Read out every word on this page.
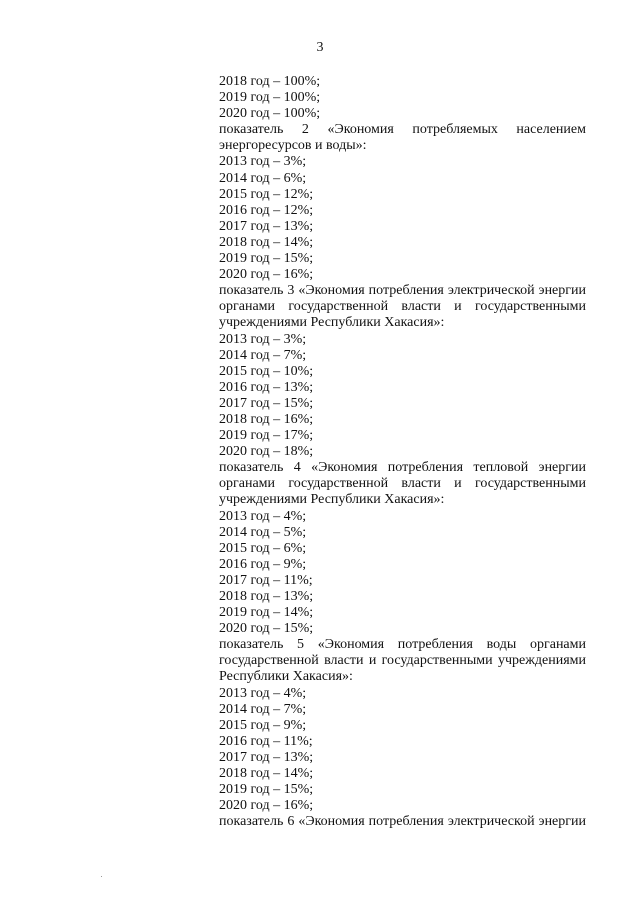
3
2018 год – 100%;
2019 год – 100%;
2020 год – 100%;
показатель 2 «Экономия потребляемых населением энергоресурсов и воды»:
2013 год – 3%;
2014 год – 6%;
2015 год – 12%;
2016 год – 12%;
2017 год – 13%;
2018 год – 14%;
2019 год – 15%;
2020 год – 16%;
показатель 3 «Экономия потребления электрической энергии органами государственной власти и государственными учреждениями Республики Хакасия»:
2013 год – 3%;
2014 год – 7%;
2015 год – 10%;
2016 год – 13%;
2017 год – 15%;
2018 год – 16%;
2019 год – 17%;
2020 год – 18%;
показатель 4 «Экономия потребления тепловой энергии органами государственной власти и государственными учреждениями Республики Хакасия»:
2013 год – 4%;
2014 год – 5%;
2015 год – 6%;
2016 год – 9%;
2017 год – 11%;
2018 год – 13%;
2019 год – 14%;
2020 год – 15%;
показатель 5 «Экономия потребления воды органами государственной власти и государственными учреждениями Республики Хакасия»:
2013 год – 4%;
2014 год – 7%;
2015 год – 9%;
2016 год – 11%;
2017 год – 13%;
2018 год – 14%;
2019 год – 15%;
2020 год – 16%;
показатель 6 «Экономия потребления электрической энергии
